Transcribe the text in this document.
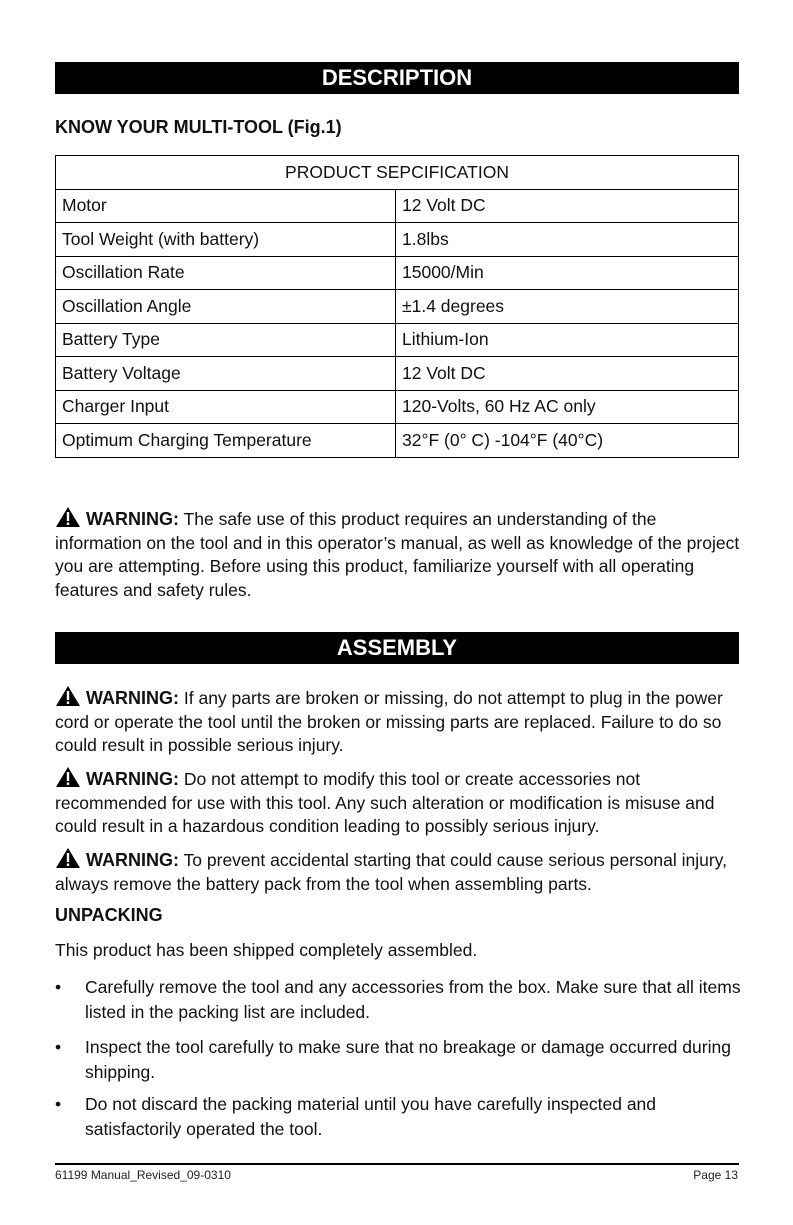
DESCRIPTION
KNOW YOUR MULTI-TOOL (Fig.1)
PRODUCT SEPCIFICATION	
Motor	12 Volt DC
Tool Weight (with battery)	1.8lbs
Oscillation Rate	15000/Min
Oscillation Angle	±1.4 degrees
Battery Type	Lithium-Ion
Battery Voltage	12 Volt DC
Charger Input	120-Volts, 60 Hz AC only
Optimum Charging Temperature	32°F (0° C) -104°F (40°C)
WARNING: The safe use of this product requires an understanding of the information on the tool and in this operator’s manual, as well as knowledge of the project you are attempting. Before using this product, familiarize yourself with all operating features and safety rules.
ASSEMBLY
WARNING: If any parts are broken or missing, do not attempt to plug in the power cord or operate the tool until the broken or missing parts are replaced. Failure to do so could result in possible serious injury.
WARNING: Do not attempt to modify this tool or create accessories not recommended for use with this tool. Any such alteration or modification is misuse and could result in a hazardous condition leading to possibly serious injury.
WARNING: To prevent accidental starting that could cause serious personal injury, always remove the battery pack from the tool when assembling parts.
UNPACKING
This product has been shipped completely assembled.
•	Carefully remove the tool and any accessories from the box. Make sure that all items listed in the packing list are included.
•	Inspect the tool carefully to make sure that no breakage or damage occurred during shipping.
•	Do not discard the packing material until you have carefully inspected and satisfactorily operated the tool.
61199 Manual_Revised_09-0310	Page 13
